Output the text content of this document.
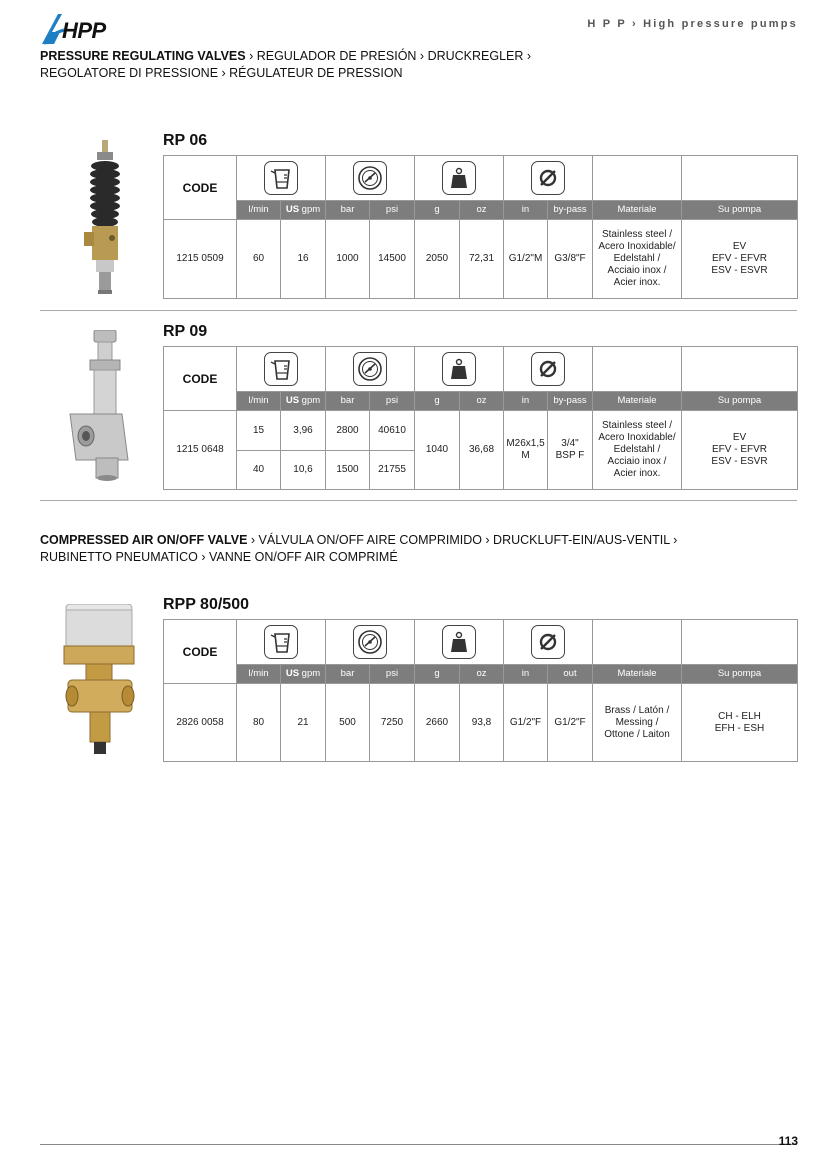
HPP	H P P › High pressure pumps
PRESSURE REGULATING VALVES › REGULADOR DE PRESIÓN › DRUCKREGLER ›
REGOLATORE DI PRESSIONE › RÉGULATEUR DE PRESSION
RP 06
CODE	

	l/min	US gpm	bar	psi	g	oz	in	by-pass	Materiale	Su pompa
1215 0509	60	16	1000	14500	2050	72,31	G1/2"M	G3/8"F	Stainless steel /
Acero Inoxidable/
Edelstahl /
Acciaio inox /
Acier inox.	EV
EFV - EFVR
ESV - ESVR
RP 09
CODE	

	l/min	US gpm	bar	psi	g	oz	in	by-pass	Materiale	Su pompa
1215 0648	15	3,96	2800	40610	1040	36,68	M26x1,5
M	3/4"
BSP F	Stainless steel /
Acero Inoxidable/
Edelstahl /
Acciaio inox /
Acier inox.	EV
EFV - EFVR
ESV - ESVR
	40	10,6	1500	21755						
COMPRESSED AIR ON/OFF VALVE › VÁLVULA ON/OFF AIRE COMPRIMIDO › DRUCKLUFT-EIN/AUS-VENTIL ›
RUBINETTO PNEUMATICO › VANNE ON/OFF AIR COMPRIMÉ
RPP 80/500
CODE	

	l/min	US gpm	bar	psi	g	oz	in	out	Materiale	Su pompa
2826 0058	80	21	500	7250	2660	93,8	G1/2"F	G1/2"F	Brass / Latón /
Messing /
Ottone / Laiton	CH - ELH
EFH - ESH
113
